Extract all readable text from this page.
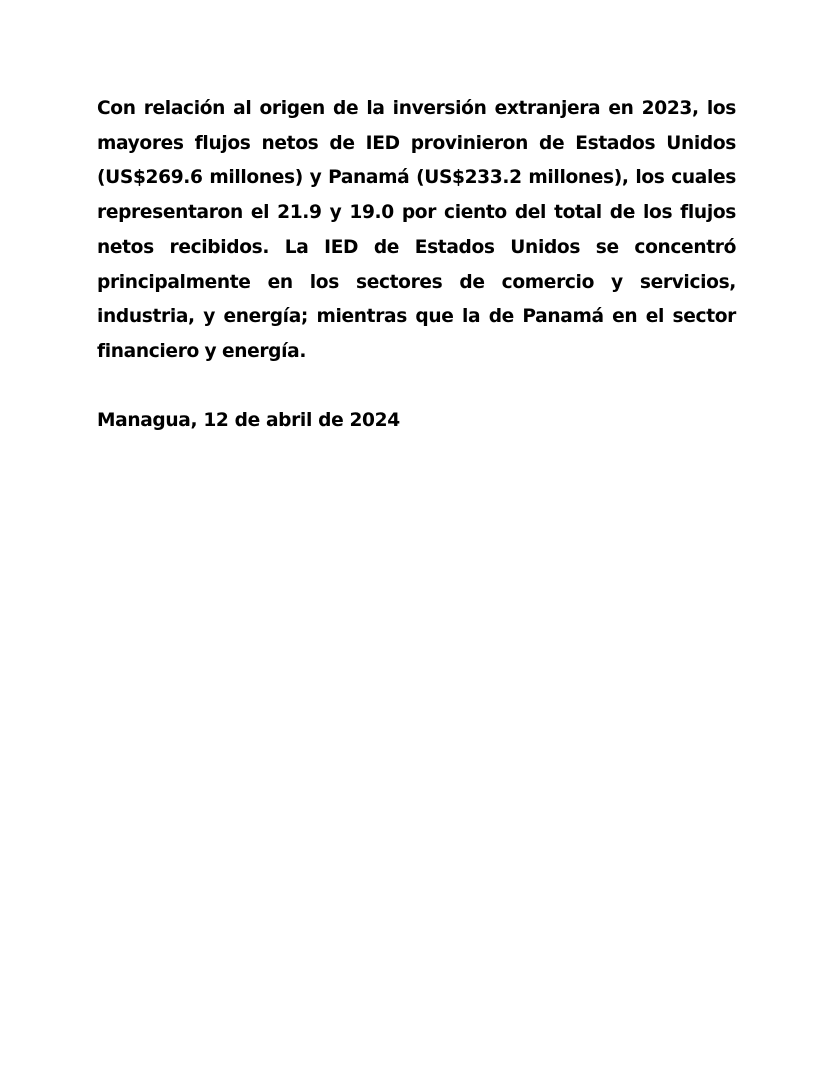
Con relación al origen de la inversión extranjera en 2023, los mayores flujos netos de IED provinieron de Estados Unidos (US$269.6 millones) y Panamá (US$233.2 millones), los cuales representaron el 21.9 y 19.0 por ciento del total de los flujos netos recibidos. La IED de Estados Unidos se concentró principalmente en los sectores de comercio y servicios, industria, y energía; mientras que la de Panamá en el sector financiero y energía.

Managua, 12 de abril de 2024
